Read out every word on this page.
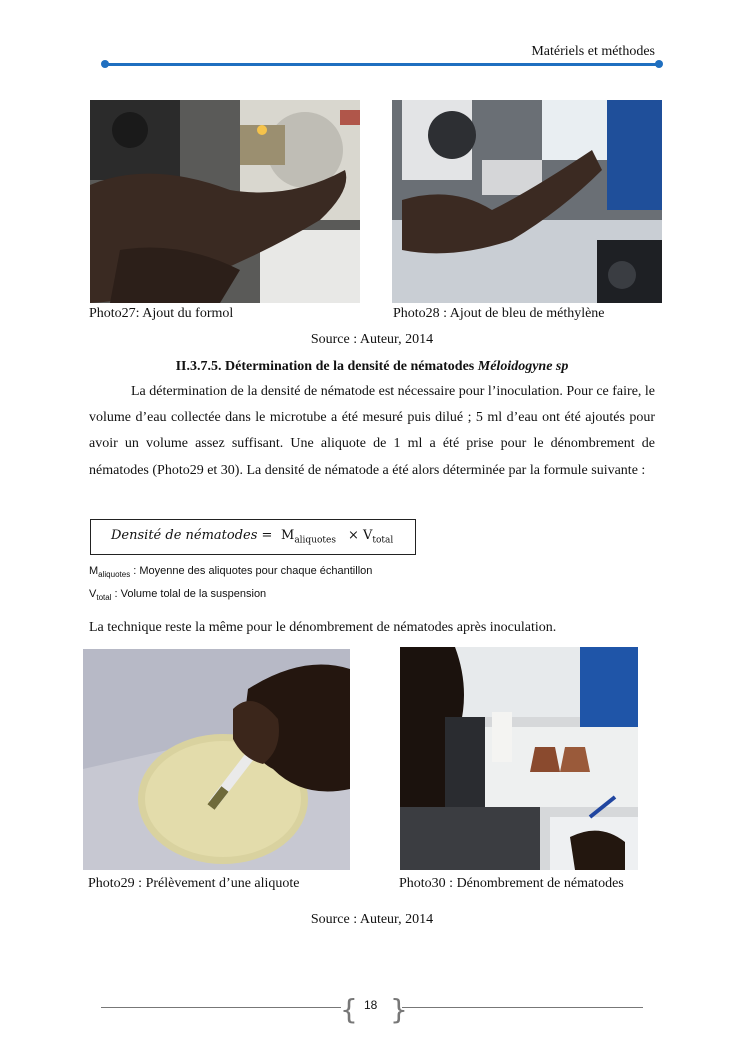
Matériels et méthodes
Photo27: Ajout du formol	Photo28 : Ajout de bleu de méthylène
Source : Auteur, 2014
II.3.7.5. Détermination de la densité de nématodes Méloidogyne sp
La détermination de la densité de nématode est nécessaire pour l’inoculation. Pour ce faire, le volume d’eau collectée dans le microtube a été mesuré puis dilué ; 5 ml d’eau ont été ajoutés pour avoir un volume assez suffisant. Une aliquote de 1 ml a été prise pour le dénombrement de nématodes (Photo29 et 30). La densité de nématode a été alors déterminée par la formule suivante :
Densité de nématodes = $M_{aliquotes} \times V_{total}$
$M_{aliquotes}$ : Moyenne des aliquotes pour chaque échantillon
$V_{total}$ : Volume tolal de la suspension
La technique reste la même pour le dénombrement de nématodes après inoculation.
Photo29 : Prélèvement d’une aliquote	Photo30 : Dénombrement de nématodes
Source : Auteur, 2014
{ }
18
